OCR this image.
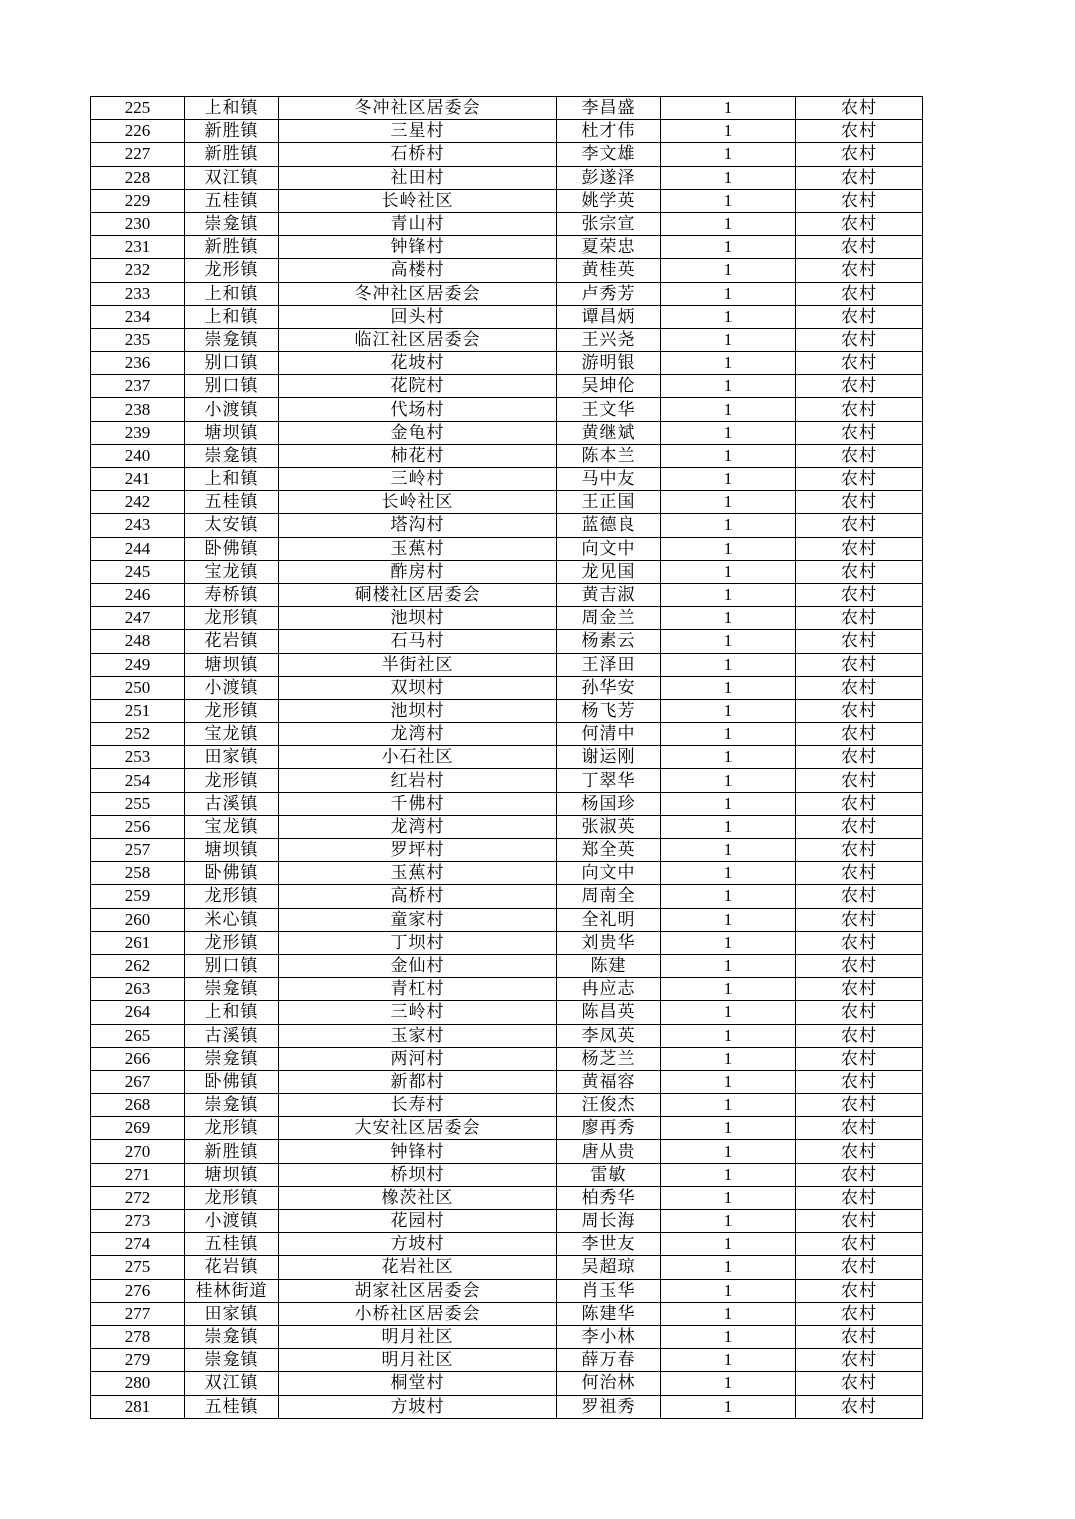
225	上和镇	冬冲社区居委会	李昌盛	1	农村
226	新胜镇	三星村	杜才伟	1	农村
227	新胜镇	石桥村	李文雄	1	农村
228	双江镇	社田村	彭遂泽	1	农村
229	五桂镇	长岭社区	姚学英	1	农村
230	崇龛镇	青山村	张宗宣	1	农村
231	新胜镇	钟锋村	夏荣忠	1	农村
232	龙形镇	高楼村	黄桂英	1	农村
233	上和镇	冬冲社区居委会	卢秀芳	1	农村
234	上和镇	回头村	谭昌炳	1	农村
235	崇龛镇	临江社区居委会	王兴尧	1	农村
236	别口镇	花坡村	游明银	1	农村
237	别口镇	花院村	吴坤伦	1	农村
238	小渡镇	代场村	王文华	1	农村
239	塘坝镇	金龟村	黄继斌	1	农村
240	崇龛镇	柿花村	陈本兰	1	农村
241	上和镇	三岭村	马中友	1	农村
242	五桂镇	长岭社区	王正国	1	农村
243	太安镇	塔沟村	蓝德良	1	农村
244	卧佛镇	玉蕉村	向文中	1	农村
245	宝龙镇	酢房村	龙见国	1	农村
246	寿桥镇	硐楼社区居委会	黄吉淑	1	农村
247	龙形镇	池坝村	周金兰	1	农村
248	花岩镇	石马村	杨素云	1	农村
249	塘坝镇	半街社区	王泽田	1	农村
250	小渡镇	双坝村	孙华安	1	农村
251	龙形镇	池坝村	杨飞芳	1	农村
252	宝龙镇	龙湾村	何清中	1	农村
253	田家镇	小石社区	谢运刚	1	农村
254	龙形镇	红岩村	丁翠华	1	农村
255	古溪镇	千佛村	杨国珍	1	农村
256	宝龙镇	龙湾村	张淑英	1	农村
257	塘坝镇	罗坪村	郑全英	1	农村
258	卧佛镇	玉蕉村	向文中	1	农村
259	龙形镇	高桥村	周南全	1	农村
260	米心镇	童家村	全礼明	1	农村
261	龙形镇	丁坝村	刘贵华	1	农村
262	别口镇	金仙村	陈建	1	农村
263	崇龛镇	青杠村	冉应志	1	农村
264	上和镇	三岭村	陈昌英	1	农村
265	古溪镇	玉家村	李凤英	1	农村
266	崇龛镇	两河村	杨芝兰	1	农村
267	卧佛镇	新都村	黄福容	1	农村
268	崇龛镇	长寿村	汪俊杰	1	农村
269	龙形镇	大安社区居委会	廖再秀	1	农村
270	新胜镇	钟锋村	唐从贵	1	农村
271	塘坝镇	桥坝村	雷敏	1	农村
272	龙形镇	橡茨社区	柏秀华	1	农村
273	小渡镇	花园村	周长海	1	农村
274	五桂镇	方坡村	李世友	1	农村
275	花岩镇	花岩社区	吴超琼	1	农村
276	桂林街道	胡家社区居委会	肖玉华	1	农村
277	田家镇	小桥社区居委会	陈建华	1	农村
278	崇龛镇	明月社区	李小林	1	农村
279	崇龛镇	明月社区	薛万春	1	农村
280	双江镇	桐堂村	何治林	1	农村
281	五桂镇	方坡村	罗祖秀	1	农村
